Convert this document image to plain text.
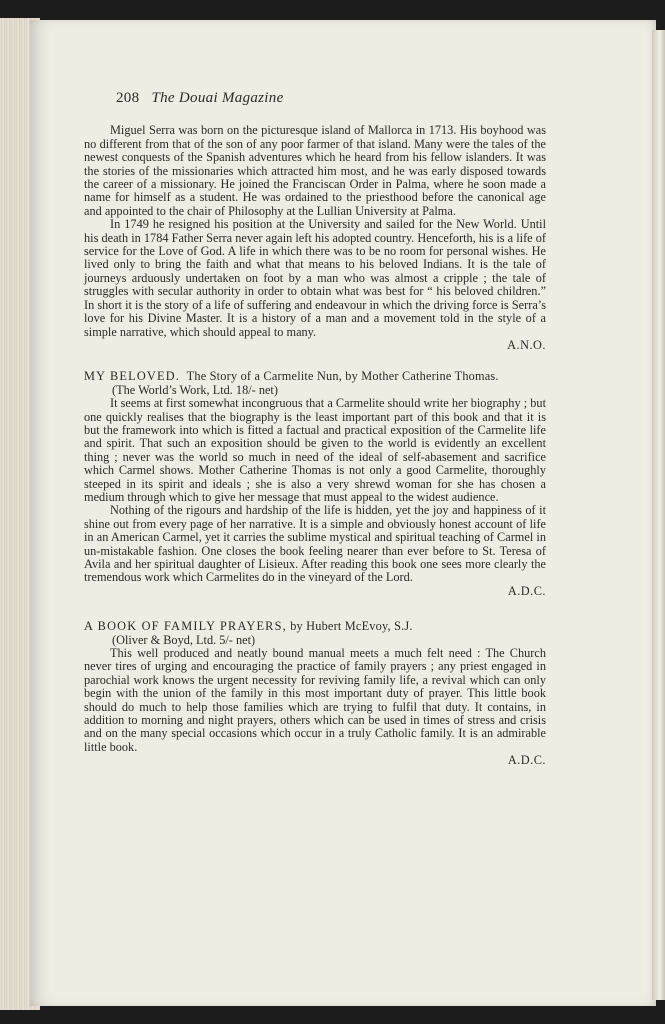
208 The Douai Magazine

Miguel Serra was born on the picturesque island of Mallorca in 1713. His boyhood was no different from that of the son of any poor farmer of that island. Many were the tales of the newest conquests of the Spanish adventures which he heard from his fellow islanders. It was the stories of the missionaries which attracted him most, and he was early disposed towards the career of a missionary. He joined the Franciscan Order in Palma, where he soon made a name for himself as a student. He was ordained to the priesthood before the canonical age and appointed to the chair of Philosophy at the Lullian University at Palma.

In 1749 he resigned his position at the University and sailed for the New World. Until his death in 1784 Father Serra never again left his adopted country. Henceforth, his is a life of service for the Love of God. A life in which there was to be no room for personal wishes. He lived only to bring the faith and what that means to his beloved Indians. It is the tale of journeys arduously undertaken on foot by a man who was almost a cripple ; the tale of struggles with secular authority in order to obtain what was best for “ his beloved children.” In short it is the story of a life of suffering and endeavour in which the driving force is Serra’s love for his Divine Master. It is a history of a man and a movement told in the style of a simple narrative, which should appeal to many.

A.N.O.
MY BELOVED. The Story of a Carmelite Nun, by Mother Catherine Thomas.
(The World’s Work, Ltd. 18/- net)

It seems at first somewhat incongruous that a Carmelite should write her biography ; but one quickly realises that the biography is the least important part of this book and that it is but the framework into which is fitted a factual and practical exposition of the Carmelite life and spirit. That such an exposition should be given to the world is evidently an excellent thing ; never was the world so much in need of the ideal of self-abasement and sacrifice which Carmel shows. Mother Catherine Thomas is not only a good Carmelite, thoroughly steeped in its spirit and ideals ; she is also a very shrewd woman for she has chosen a medium through which to give her message that must appeal to the widest audience.

Nothing of the rigours and hardship of the life is hidden, yet the joy and happiness of it shine out from every page of her narrative. It is a simple and obviously honest account of life in an American Carmel, yet it carries the sublime mystical and spiritual teaching of Carmel in un-mistakable fashion. One closes the book feeling nearer than ever before to St. Teresa of Avila and her spiritual daughter of Lisieux. After reading this book one sees more clearly the tremendous work which Carmelites do in the vineyard of the Lord.

A.D.C.
A BOOK OF FAMILY PRAYERS, by Hubert McEvoy, S.J.
(Oliver & Boyd, Ltd. 5/- net)

This well produced and neatly bound manual meets a much felt need : The Church never tires of urging and encouraging the practice of family prayers ; any priest engaged in parochial work knows the urgent necessity for reviving family life, a revival which can only begin with the union of the family in this most important duty of prayer. This little book should do much to help those families which are trying to fulfil that duty. It contains, in addition to morning and night prayers, others which can be used in times of stress and crisis and on the many special occasions which occur in a truly Catholic family. It is an admirable little book.

A.D.C.
